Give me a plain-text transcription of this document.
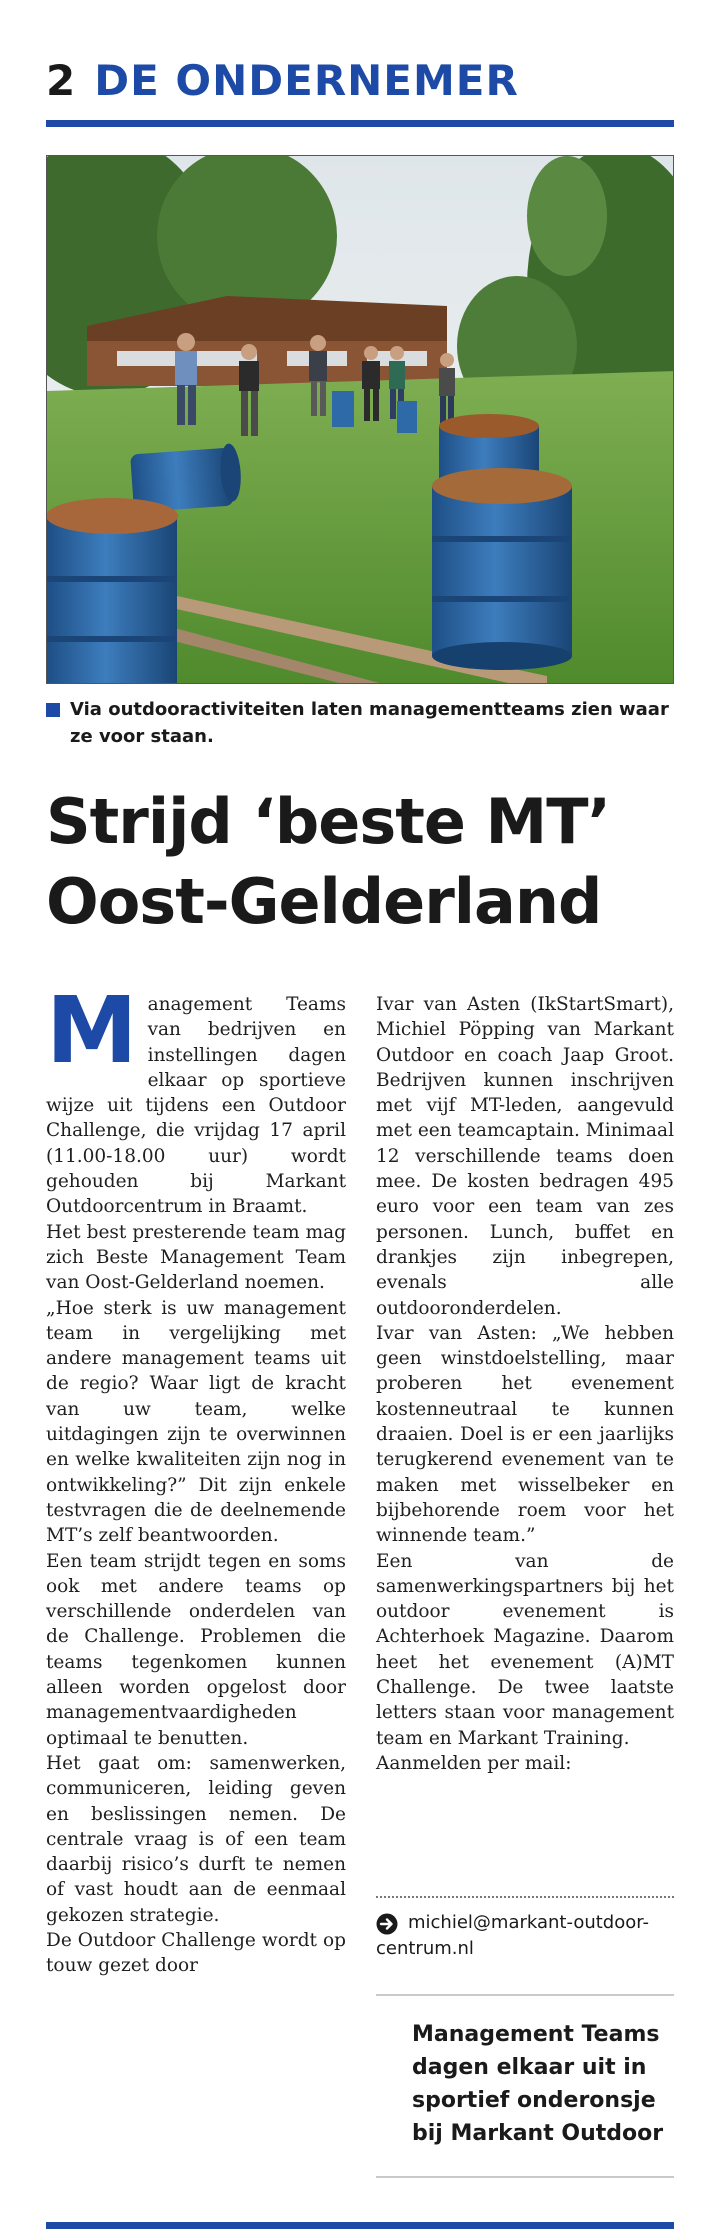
2 DE ONDERNEMER
Via outdooractiviteiten laten managementteams zien waar ze voor staan.
Strijd ‘beste MT’
Oost-Gelderland
M anagement Teams van bedrijven en instellingen dagen elkaar op sportieve wijze uit tijdens een Outdoor Challenge, die vrijdag 17 april (11.00-18.00 uur) wordt gehouden bij Markant Outdoorcentrum in Braamt.

Het best presterende team mag zich Beste Management Team van Oost-Gelderland noemen.

„Hoe sterk is uw management team in vergelijking met andere management teams uit de regio? Waar ligt de kracht van uw team, welke uitdagingen zijn te overwinnen en welke kwaliteiten zijn nog in ontwikkeling?” Dit zijn enkele testvragen die de deelnemende MT’s zelf beantwoorden.

Een team strijdt tegen en soms ook met andere teams op verschillende onderdelen van de Challenge. Problemen die teams tegenkomen kunnen alleen worden opgelost door managementvaardigheden optimaal te benutten.

Het gaat om: samenwerken, communiceren, leiding geven en beslissingen nemen. De centrale vraag is of een team daarbij risico’s durft te nemen of vast houdt aan de eenmaal gekozen strategie.

De Outdoor Challenge wordt op touw gezet door

Ivar van Asten (IkStartSmart), Michiel Pöpping van Markant Outdoor en coach Jaap Groot. Bedrijven kunnen inschrijven met vijf MT-leden, aangevuld met een teamcaptain. Minimaal 12 verschillende teams doen mee. De kosten bedragen 495 euro voor een team van zes personen. Lunch, buffet en drankjes zijn inbegrepen, evenals alle outdooronderdelen.

Ivar van Asten: „We hebben geen winstdoelstelling, maar proberen het evenement kostenneutraal te kunnen draaien. Doel is er een jaarlijks terugkerend evenement van te maken met wisselbeker en bijbehorende roem voor het winnende team.”

Een van de samenwerkingspartners bij het outdoor evenement is Achterhoek Magazine. Daarom heet het evenement (A)MT Challenge. De twee laatste letters staan voor management team en Markant Training.

Aanmelden per mail:

michiel@markant-outdoor-
centrum.nl
Management Teams
dagen elkaar uit in
sportief onderonsje
bij Markant Outdoor
